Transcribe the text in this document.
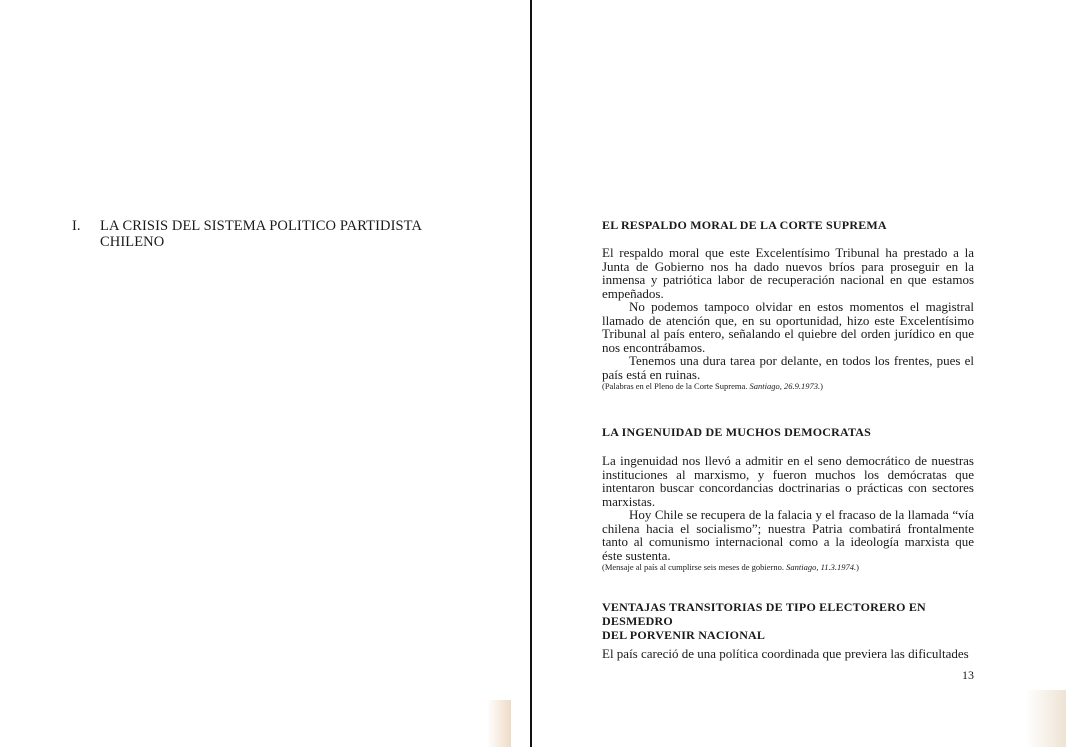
I. LA CRISIS DEL SISTEMA POLITICO PARTIDISTA
CHILENO
EL RESPALDO MORAL DE LA CORTE SUPREMA

El respaldo moral que este Excelentísimo Tribunal ha prestado a la Junta de Gobierno nos ha dado nuevos bríos para proseguir en la inmensa y patriótica labor de recuperación nacional en que estamos empeñados.

No podemos tampoco olvidar en estos momentos el magistral llamado de atención que, en su oportunidad, hizo este Excelentísimo Tribunal al país entero, señalando el quiebre del orden jurídico en que nos encontrábamos.

Tenemos una dura tarea por delante, en todos los frentes, pues el país está en ruinas.

(Palabras en el Pleno de la Corte Suprema. Santiago, 26.9.1973.)

LA INGENUIDAD DE MUCHOS DEMOCRATAS

La ingenuidad nos llevó a admitir en el seno democrático de nuestras instituciones al marxismo, y fueron muchos los demócratas que intentaron buscar concordancias doctrinarias o prácticas con sectores marxistas.

Hoy Chile se recupera de la falacia y el fracaso de la llamada “vía chilena hacia el socialismo”; nuestra Patria combatirá frontalmente tanto al comunismo internacional como a la ideología marxista que éste sustenta.

(Mensaje al país al cumplirse seis meses de gobierno. Santiago, 11.3.1974.)

VENTAJAS TRANSITORIAS DE TIPO ELECTORERO EN DESMEDRO
DEL PORVENIR NACIONAL

El país careció de una política coordinada que previera las dificultades

13
